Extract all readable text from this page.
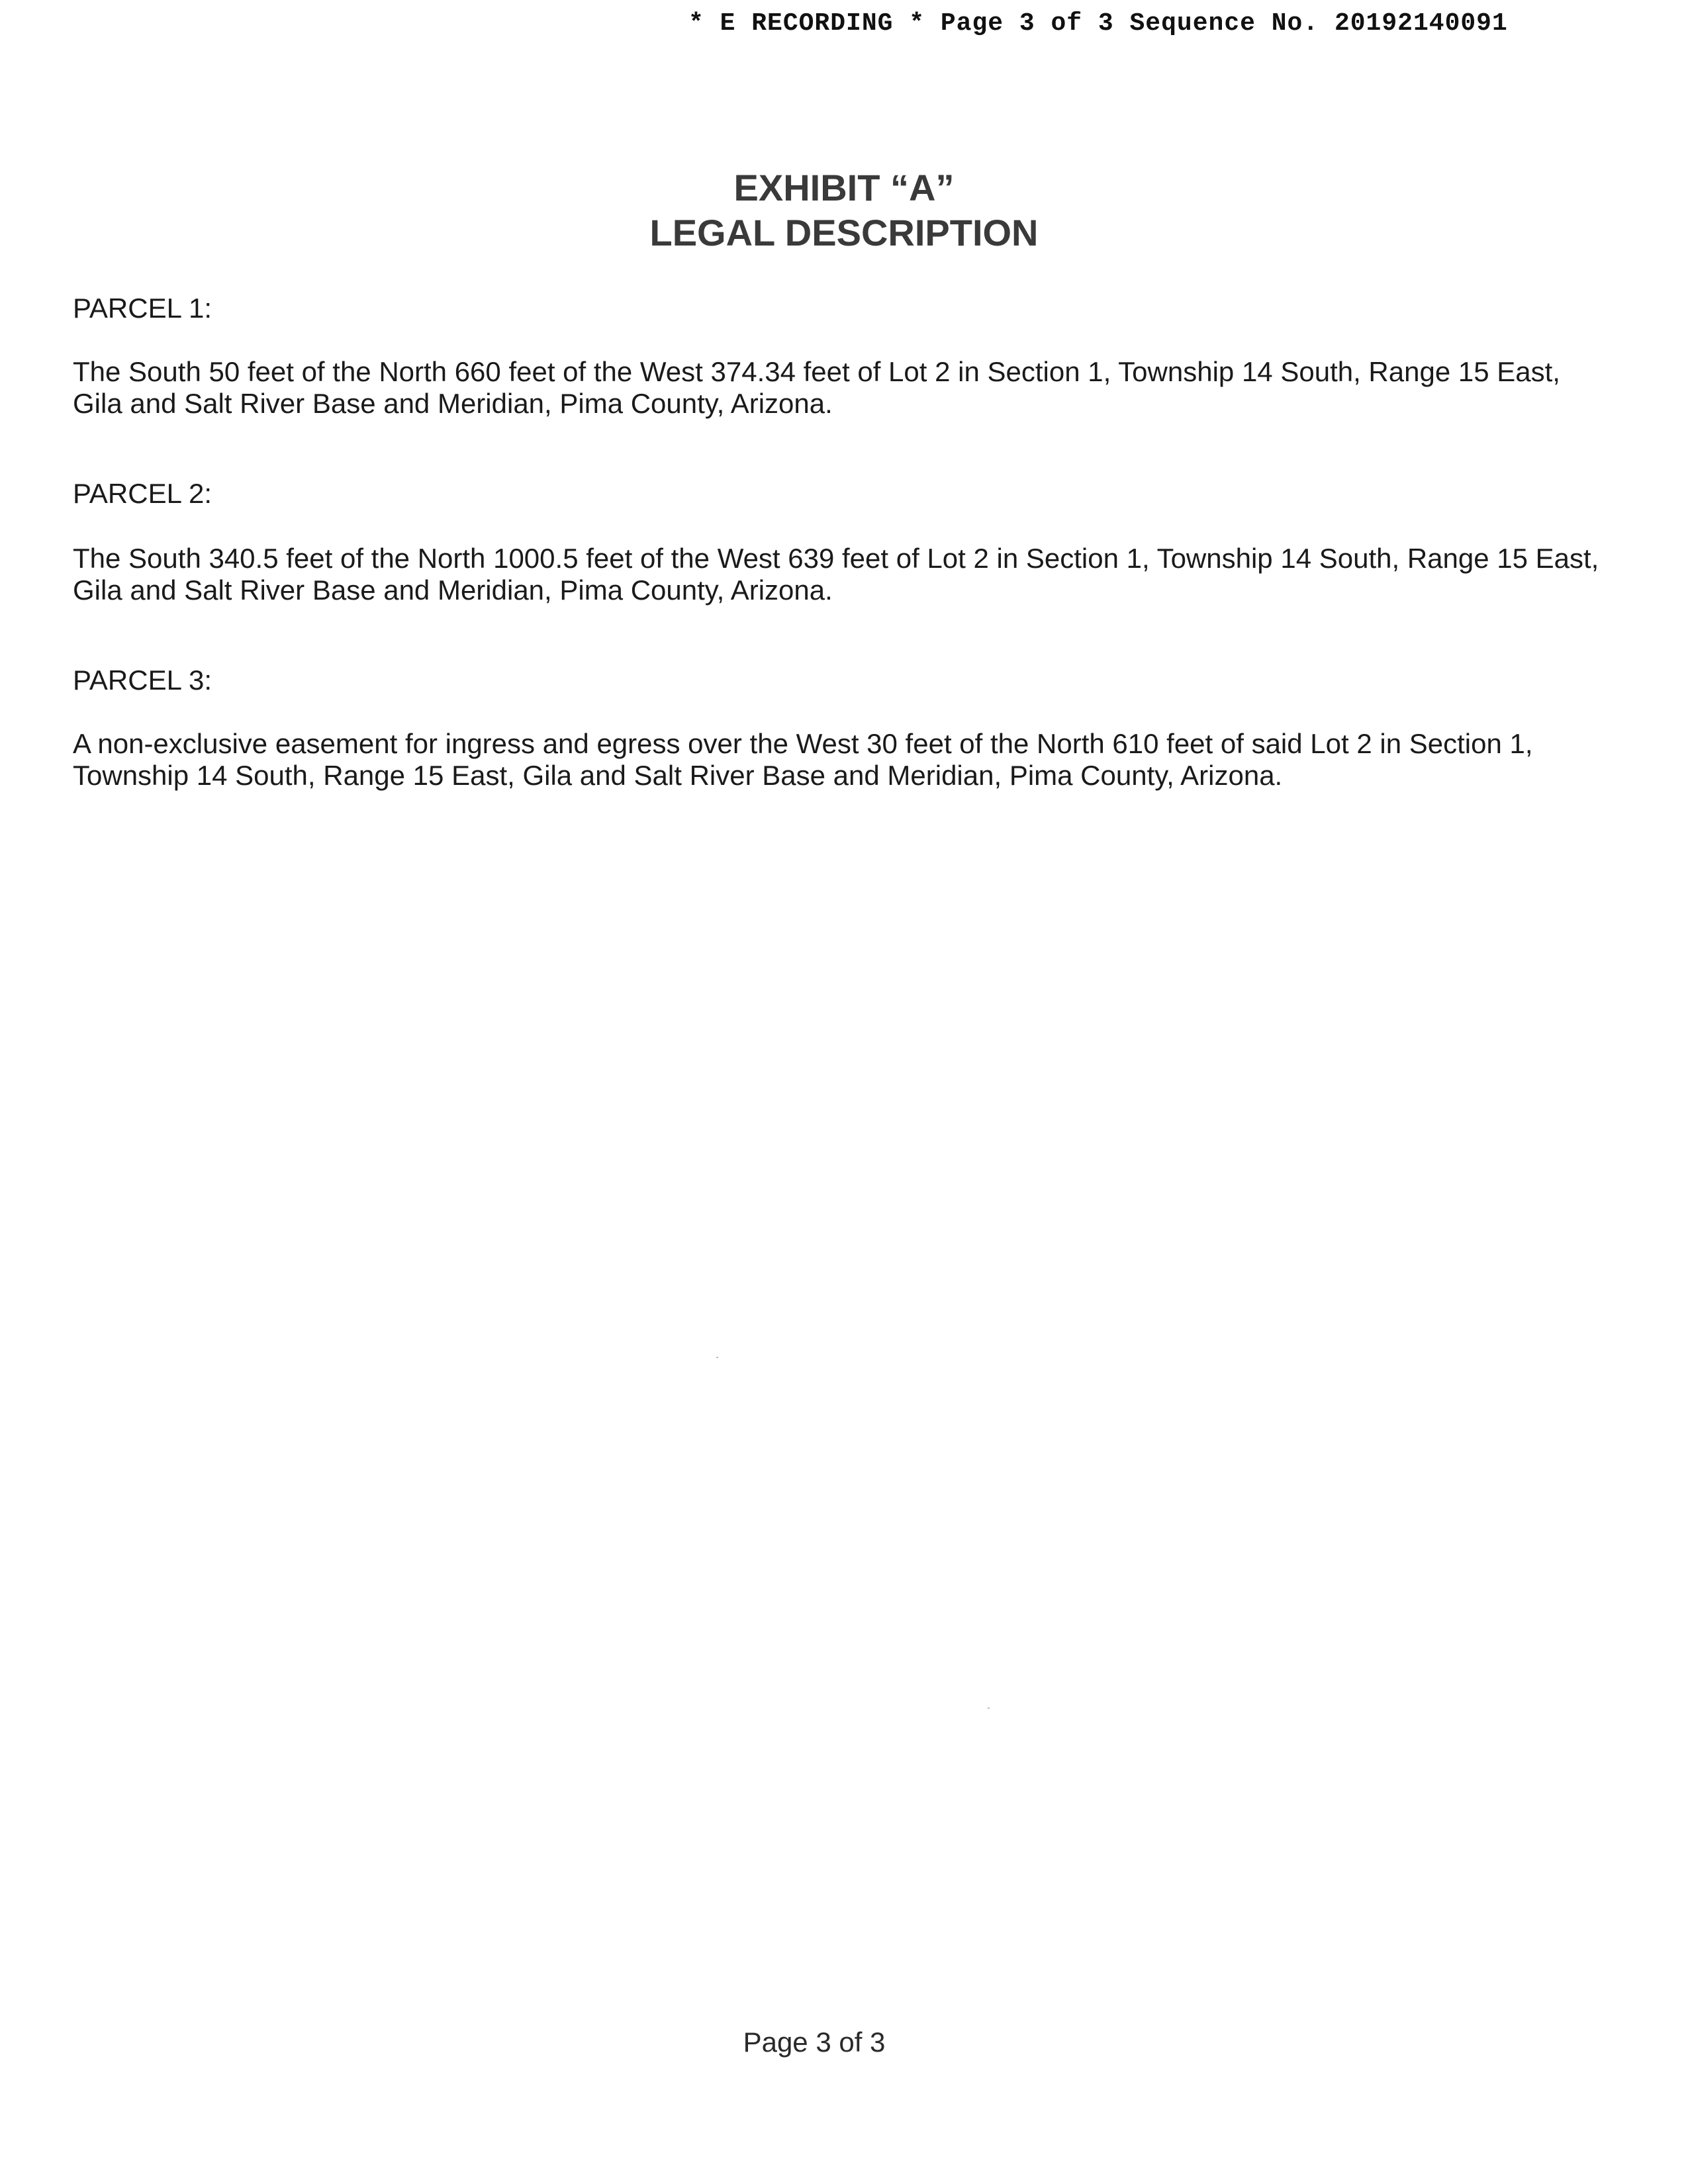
* E RECORDING * Page 3 of 3 Sequence No. 20192140091
EXHIBIT “A”
LEGAL DESCRIPTION
PARCEL 1:
The South 50 feet of the North 660 feet of the West 374.34 feet of Lot 2 in Section 1, Township 14 South, Range 15 East, Gila and Salt River Base and Meridian, Pima County, Arizona.
PARCEL 2:
The South 340.5 feet of the North 1000.5 feet of the West 639 feet of Lot 2 in Section 1, Township 14 South, Range 15 East, Gila and Salt River Base and Meridian, Pima County, Arizona.
PARCEL 3:
A non-exclusive easement for ingress and egress over the West 30 feet of the North 610 feet of said Lot 2 in Section 1, Township 14 South, Range 15 East, Gila and Salt River Base and Meridian, Pima County, Arizona.
Page 3 of 3
